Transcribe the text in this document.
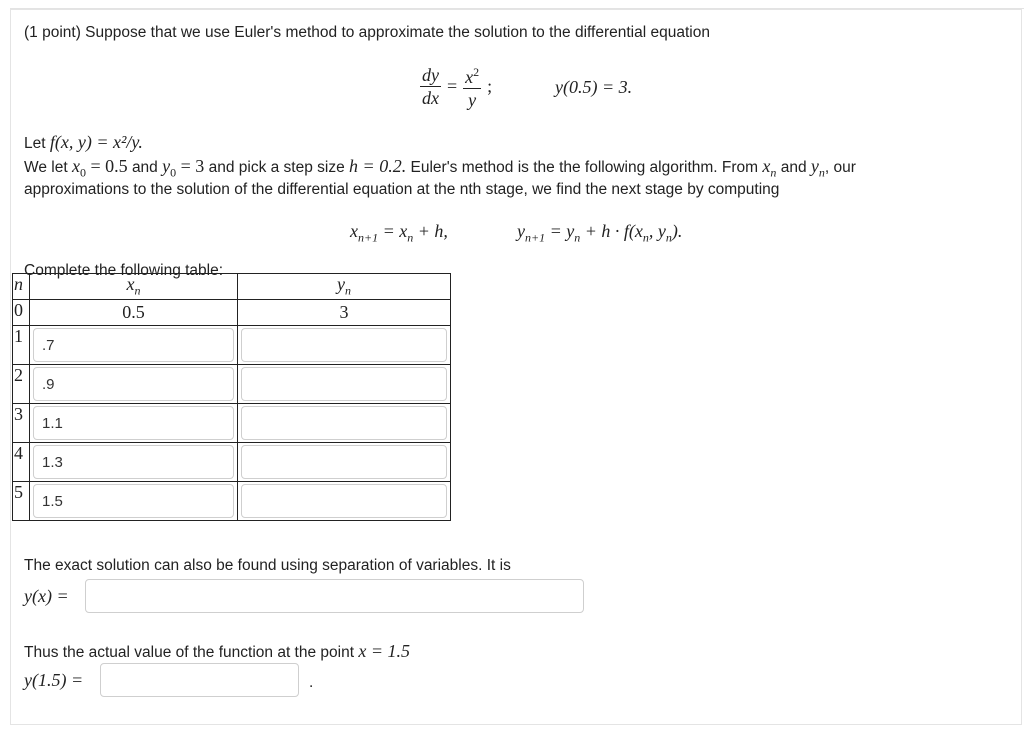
(1 point) Suppose that we use Euler's method to approximate the solution to the differential equation
$\frac{dy}{dx} = \frac{x^2}{y}$ ;	y(0.5) = 3.
Let f(x, y) = x²/y.
We let $x_0 = 0.5$ and $y_0 = 3$ and pick a step size h = 0.2. Euler's method is the the following algorithm. From $x_n$ and $y_n$, our
approximations to the solution of the differential equation at the nth stage, we find the next stage by computing
$x_{n+1} = x_n + h$,	$y_{n+1} = y_n + h \cdot f(x_n$, $y_n$).
Complete the following table:
n	$x_n$	$y_n$
0	0.5	3
1	.7	

2	.9	

3	1.1	

4	1.3	

5	1.5	

The exact solution can also be found using separation of variables. It is
y(x) =
Thus the actual value of the function at the point x = 1.5
y(1.5) =	.
